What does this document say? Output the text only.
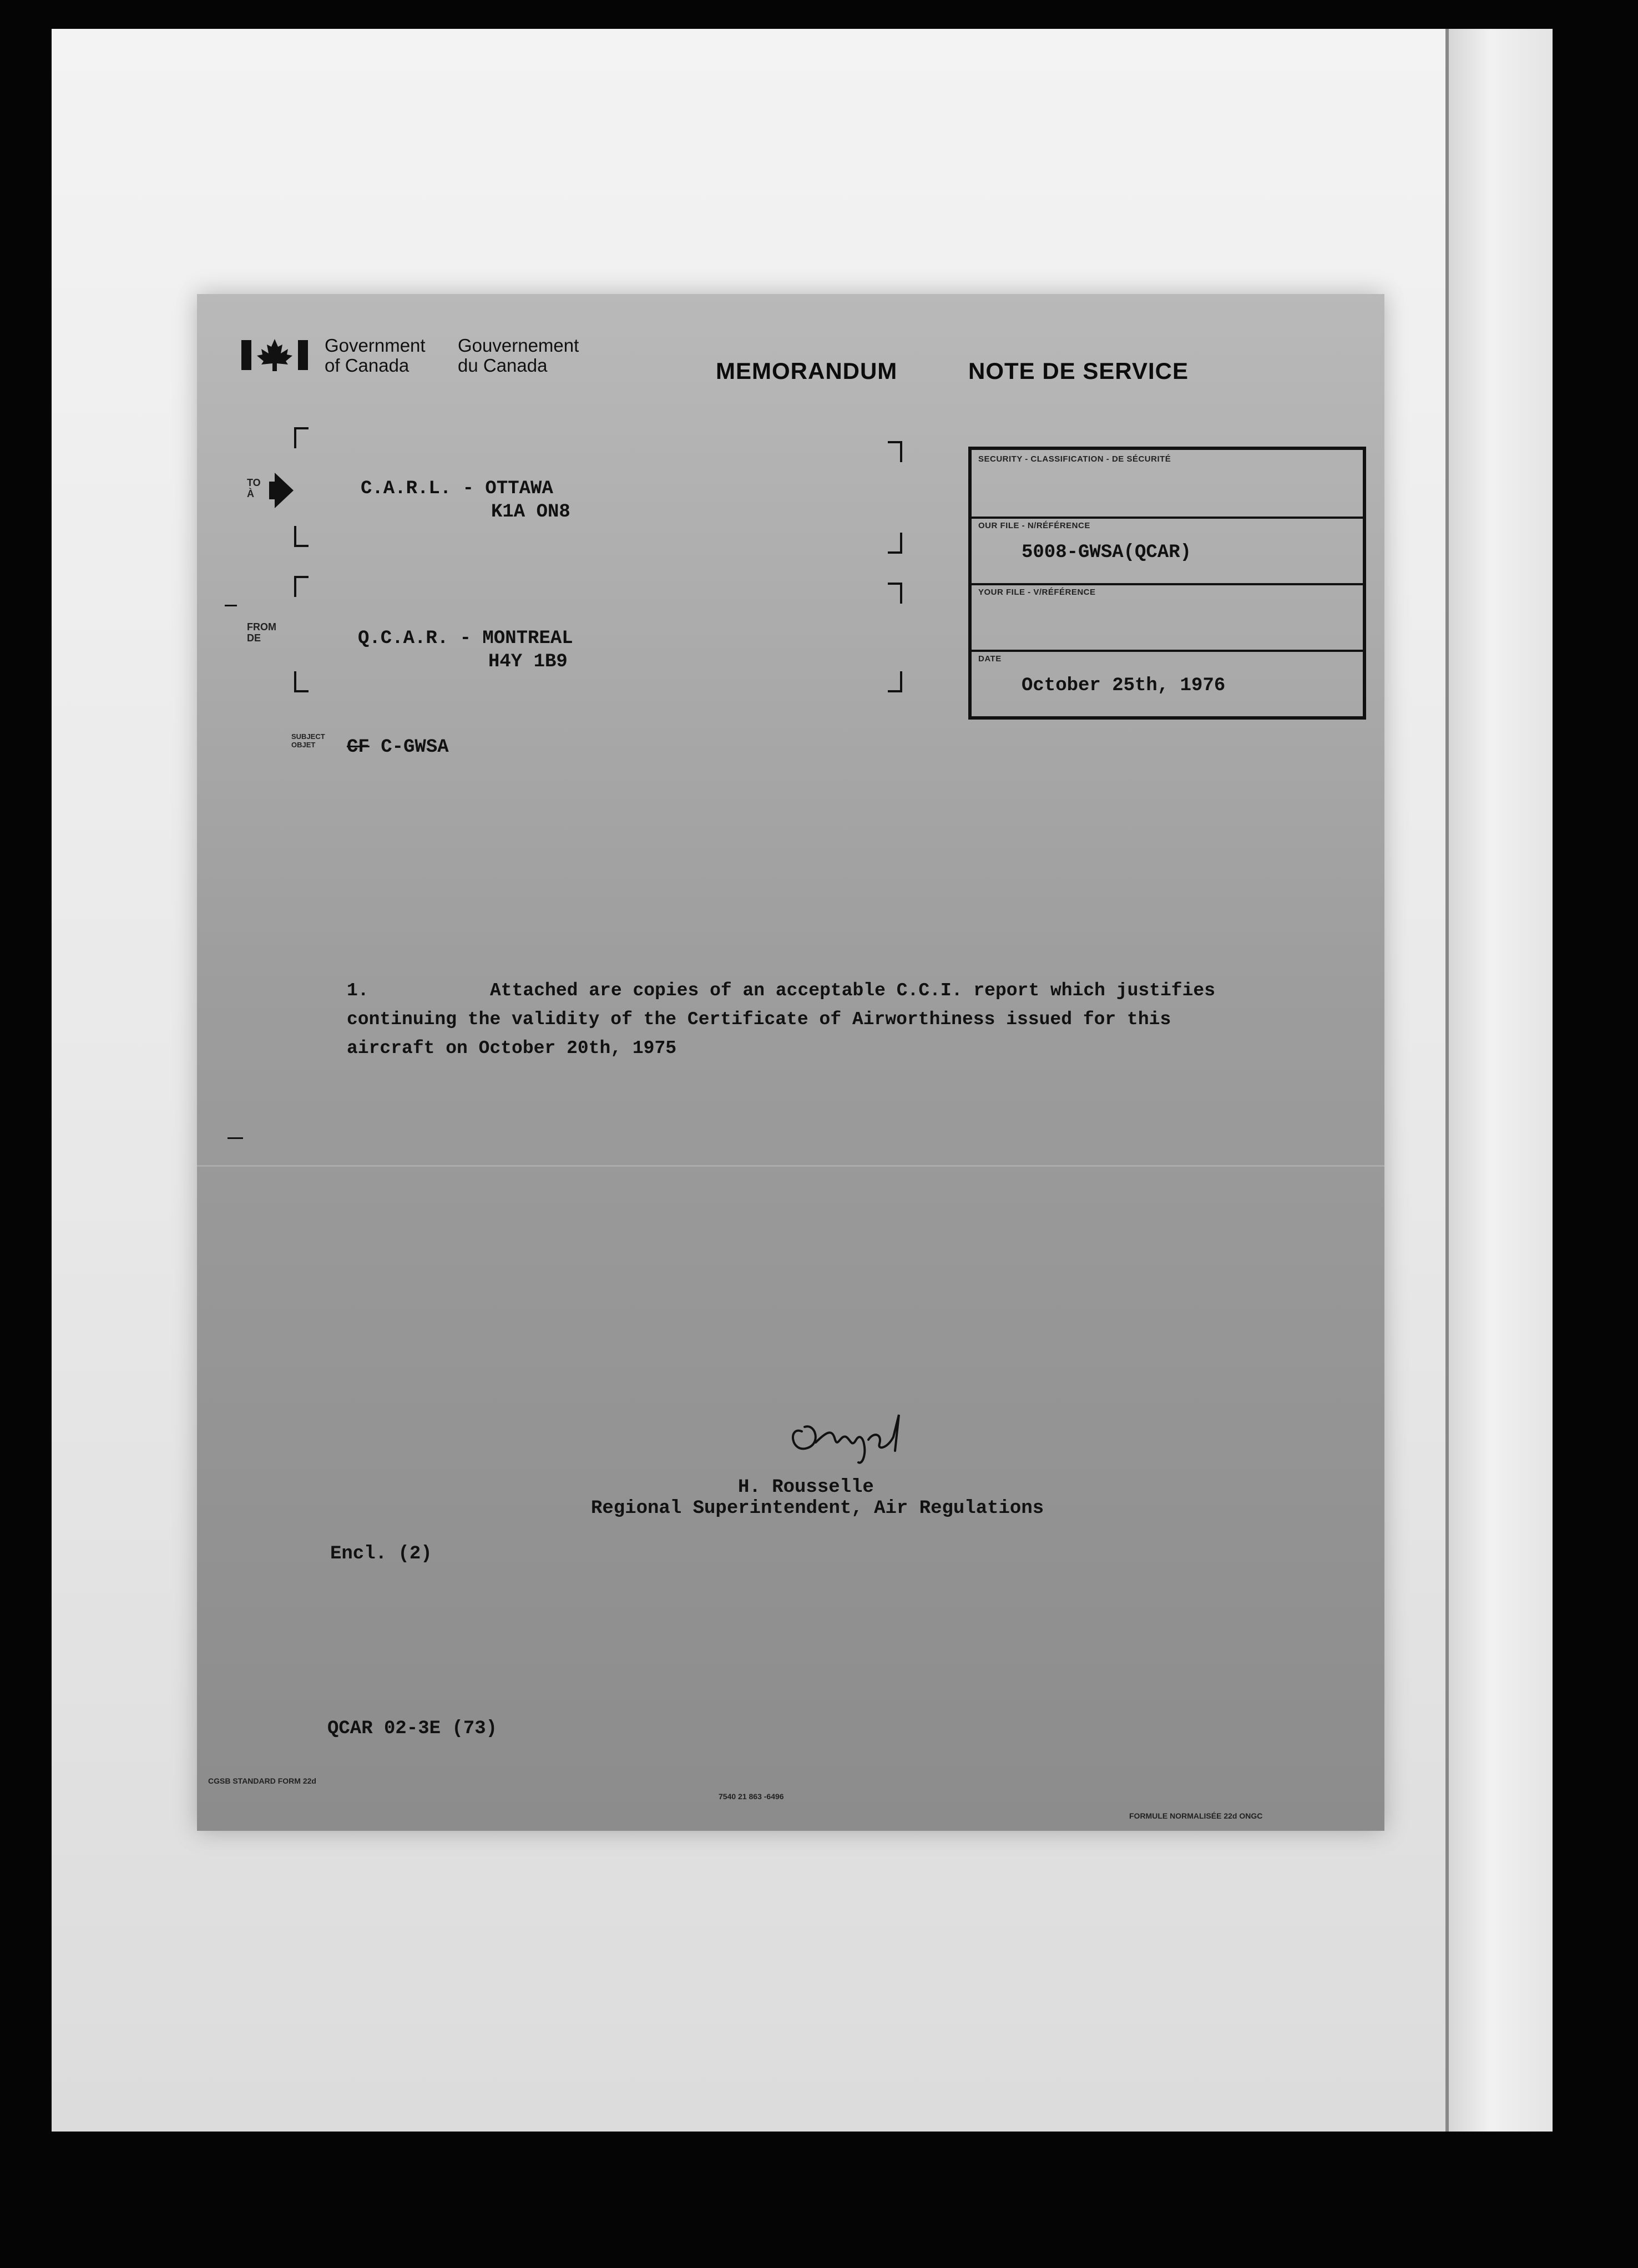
Government
of Canada
Gouvernement
du Canada	MEMORANDUM	NOTE DE SERVICE
TO
À	C.A.R.L. - OTTAWA
K1A ON8
FROM
DE	Q.C.A.R. - MONTREAL
H4Y 1B9
SUBJECT
OBJET	CF C-GWSA
SECURITY - CLASSIFICATION - DE SÉCURITÉ
OUR FILE - N/RÉFÉRENCE
5008-GWSA(QCAR)
YOUR FILE - V/RÉFÉRENCE
DATE
October 25th, 1976
1.	Attached are copies of an acceptable C.C.I. report which justifies
continuing the validity of the Certificate of Airworthiness issued for this
aircraft on October 20th, 1975
H. Rousselle
Regional Superintendent, Air Regulations
Encl. (2)
QCAR 02-3E (73)
CGSB STANDARD FORM 22d
7540 21 863 -6496
FORMULE NORMALISÉE 22d ONGC
